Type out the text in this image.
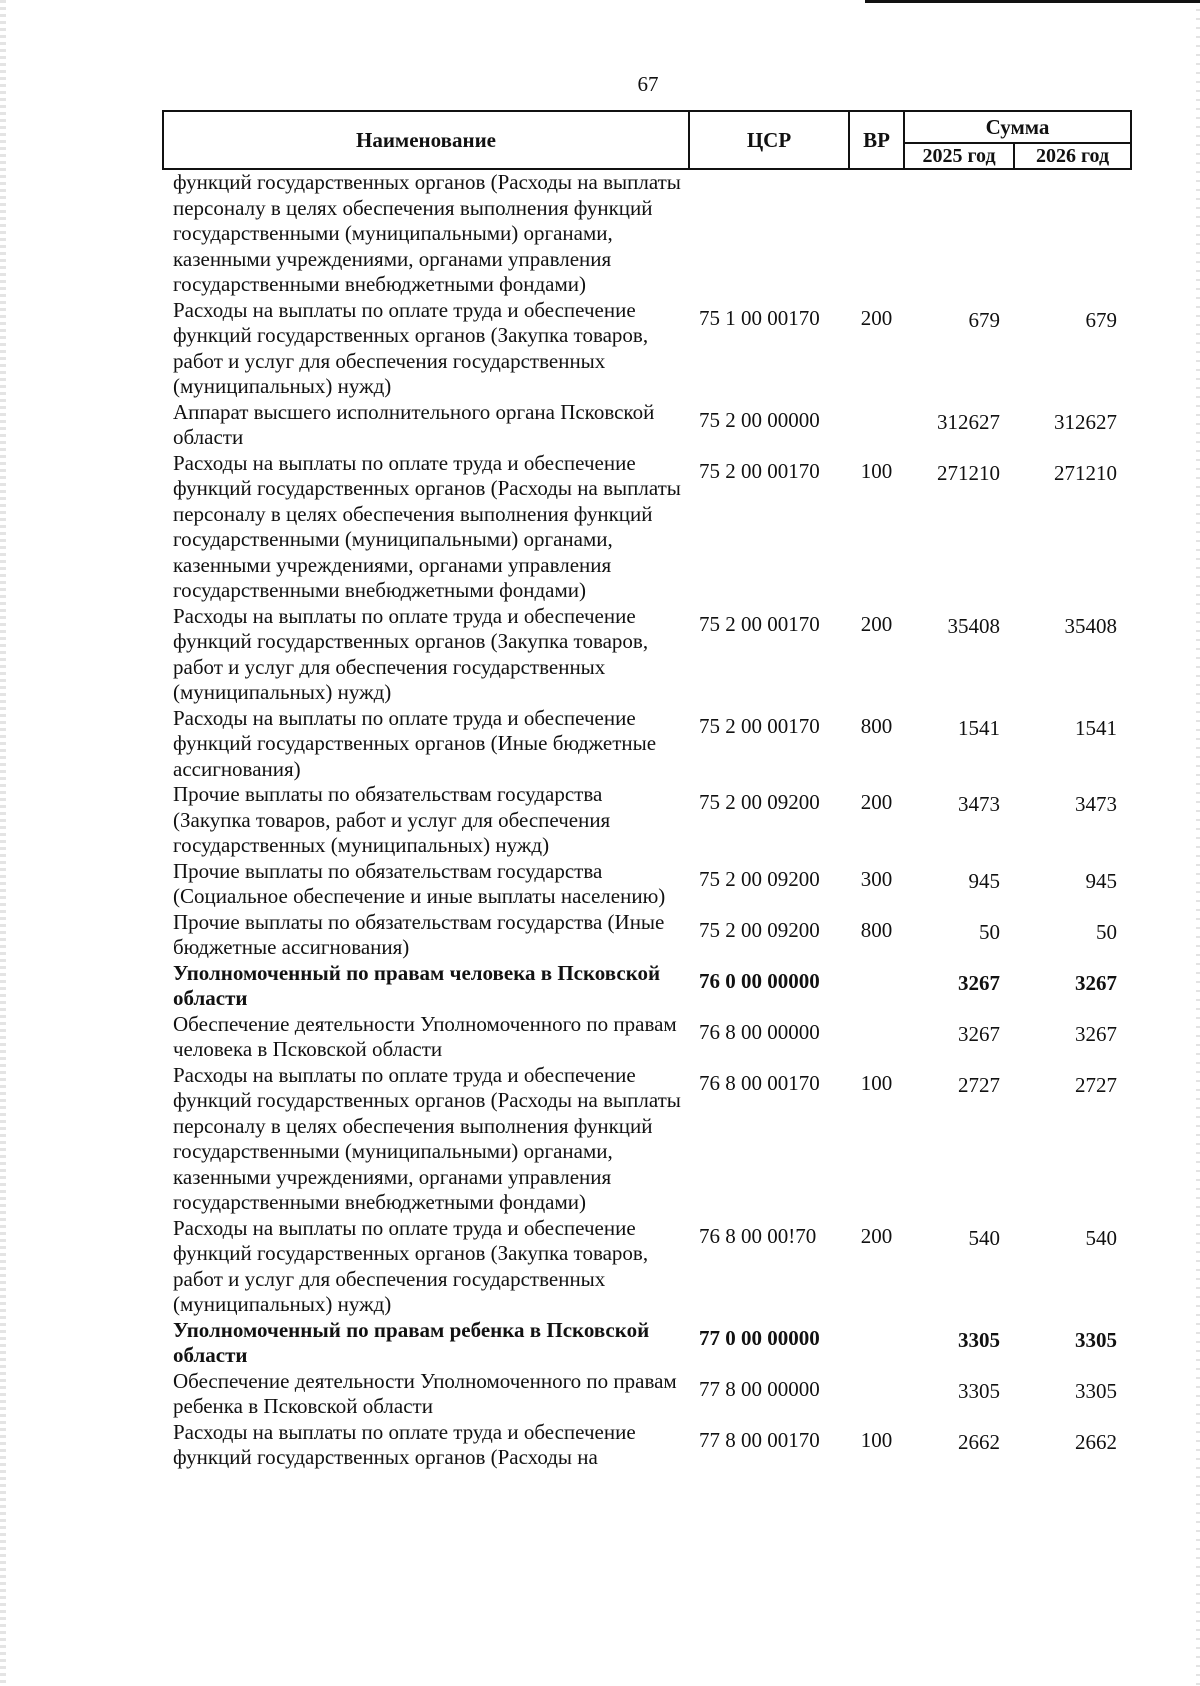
67
Наименование	ЦСР	ВР	Сумма	
			2025 год	2026 год
функций государственных органов (Расходы на выплаты персоналу в целях обеспечения выполнения функций государственными (муниципальными) органами, казенными учреждениями, органами управления государственными внебюджетными фондами)				
Расходы на выплаты по оплате труда и обеспечение функций государственных органов (Закупка товаров, работ и услуг для обеспечения государственных (муниципальных) нужд)	75 1 00 00170	200	679	679
Аппарат высшего исполнительного органа Псковской области	75 2 00 00000		312627	312627
Расходы на выплаты по оплате труда и обеспечение функций государственных органов (Расходы на выплаты персоналу в целях обеспечения выполнения функций государственными (муниципальными) органами, казенными учреждениями, органами управления государственными внебюджетными фондами)	75 2 00 00170	100	271210	271210
Расходы на выплаты по оплате труда и обеспечение функций государственных органов (Закупка товаров, работ и услуг для обеспечения государственных (муниципальных) нужд)	75 2 00 00170	200	35408	35408
Расходы на выплаты по оплате труда и обеспечение функций государственных органов (Иные бюджетные ассигнования)	75 2 00 00170	800	1541	1541
Прочие выплаты по обязательствам государства (Закупка товаров, работ и услуг для обеспечения государственных (муниципальных) нужд)	75 2 00 09200	200	3473	3473
Прочие выплаты по обязательствам государства (Социальное обеспечение и иные выплаты населению)	75 2 00 09200	300	945	945
Прочие выплаты по обязательствам государства (Иные бюджетные ассигнования)	75 2 00 09200	800	50	50
Уполномоченный по правам человека в Псковской области	76 0 00 00000		3267	3267
Обеспечение деятельности Уполномоченного по правам человека в Псковской области	76 8 00 00000		3267	3267
Расходы на выплаты по оплате труда и обеспечение функций государственных органов (Расходы на выплаты персоналу в целях обеспечения выполнения функций государственными (муниципальными) органами, казенными учреждениями, органами управления государственными внебюджетными фондами)	76 8 00 00170	100	2727	2727
Расходы на выплаты по оплате труда и обеспечение функций государственных органов (Закупка товаров, работ и услуг для обеспечения государственных (муниципальных) нужд)	76 8 00 00!70	200	540	540
Уполномоченный по правам ребенка в Псковской области	77 0 00 00000		3305	3305
Обеспечение деятельности Уполномоченного по правам ребенка в Псковской области	77 8 00 00000		3305	3305
Расходы на выплаты по оплате труда и обеспечение функций государственных органов (Расходы на	77 8 00 00170	100	2662	2662
